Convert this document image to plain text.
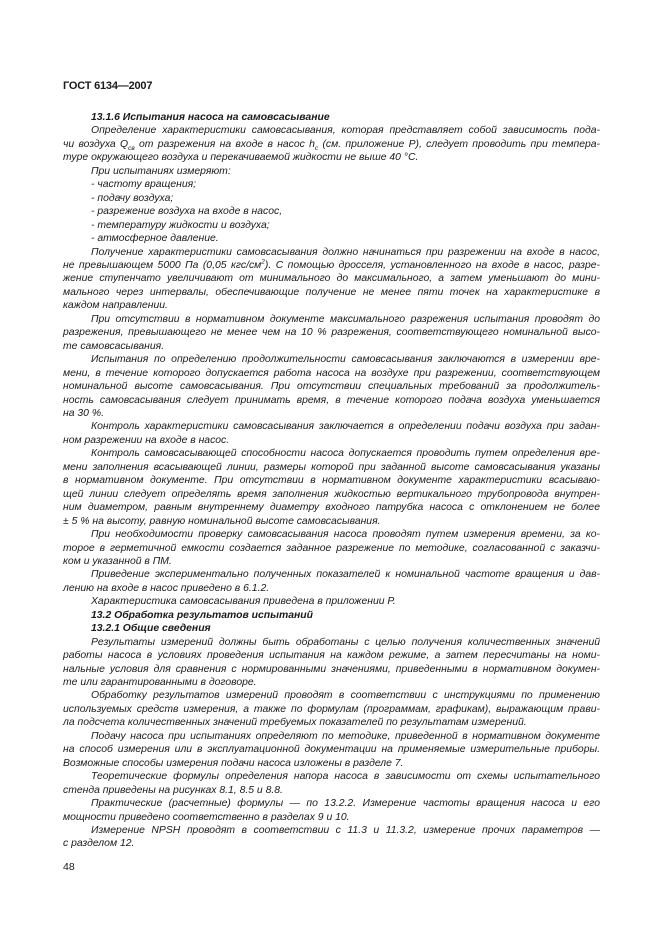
ГОСТ 6134—2007
13.1.6 Испытания насоса на самовсасывание
Определение характеристики самовсасывания, которая представляет собой зависимость пода-
чи воздуха $Q_{св}$ от разрежения на входе в насос $h_с$ (см. приложение Р), следует проводить при темпера-
туре окружающего воздуха и перекачиваемой жидкости не выше 40 °С.
При испытаниях измеряют:
- частоту вращения;
- подачу воздуха;
- разрежение воздуха на входе в насос,
- температуру жидкости и воздуха;
- атмосферное давление.
Получение характеристики самовсасывания должно начинаться при разрежении на входе в насос,
не превышающем 5000 Па (0,05 кгс/$см^2$). С помощью дросселя, установленного на входе в насос, разре-
жение ступенчато увеличивают от минимального до максимального, а затем уменьшают до мини-
мального через интервалы, обеспечивающие получение не менее пяти точек на характеристике в
каждом направлении.
При отсутствии в нормативном документе максимального разрежения испытания проводят до
разрежения, превышающего не менее чем на 10 % разрежения, соответствующего номинальной высо-
те самовсасывания.
Испытания по определению продолжительности самовсасывания заключаются в измерении вре-
мени, в течение которого допускается работа насоса на воздухе при разрежении, соответствующем
номинальной высоте самовсасывания. При отсутствии специальных требований за продолжитель-
ность самовсасывания следует принимать время, в течение которого подача воздуха уменьшается
на 30 %.
Контроль характеристики самовсасывания заключается в определении подачи воздуха при задан-
ном разрежении на входе в насос.
Контроль самовсасывающей способности насоса допускается проводить путем определения вре-
мени заполнения всасывающей линии, размеры которой при заданной высоте самовсасывания указаны
в нормативном документе. При отсутствии в нормативном документе характеристики всасываю-
щей линии следует определять время заполнения жидкостью вертикального трубопровода внутрен-
ним диаметром, равным внутреннему диаметру входного патрубка насоса с отклонением не более
± 5 % на высоту, равную номинальной высоте самовсасывания.
При необходимости проверку самовсасывания насоса проводят путем измерения времени, за ко-
торое в герметичной емкости создается заданное разрежение по методике, согласованной с заказчи-
ком и указанной в ПМ.
Приведение экспериментально полученных показателей к номинальной частоте вращения и дав-
лению на входе в насос приведено в 6.1.2.
Характеристика самовсасывания приведена в приложении Р.
13.2 Обработка результатов испытаний
13.2.1 Общие сведения
Результаты измерений должны быть обработаны с целью получения количественных значений
работы насоса в условиях проведения испытания на каждом режиме, а затем пересчитаны на номи-
нальные условия для сравнения с нормированными значениями, приведенными в нормативном докумен-
те или гарантированными в договоре.
Обработку результатов измерений проводят в соответствии с инструкциями по применению
используемых средств измерения, а также по формулам (программам, графикам), выражающим прави-
ла подсчета количественных значений требуемых показателей по результатам измерений.
Подачу насоса при испытаниях определяют по методике, приведенной в нормативном документе
на способ измерения или в эксплуатационной документации на применяемые измерительные приборы.
Возможные способы измерения подачи насоса изложены в разделе 7.
Теоретические формулы определения напора насоса в зависимости от схемы испытательного
стенда приведены на рисунках 8.1, 8.5 и 8.8.
Практические (расчетные) формулы — по 13.2.2. Измерение частоты вращения насоса и его
мощности приведено соответственно в разделах 9 и 10.
Измерение NPSH проводят в соответствии с 11.3 и 11.3.2, измерение прочих параметров —
с разделом 12.
48
